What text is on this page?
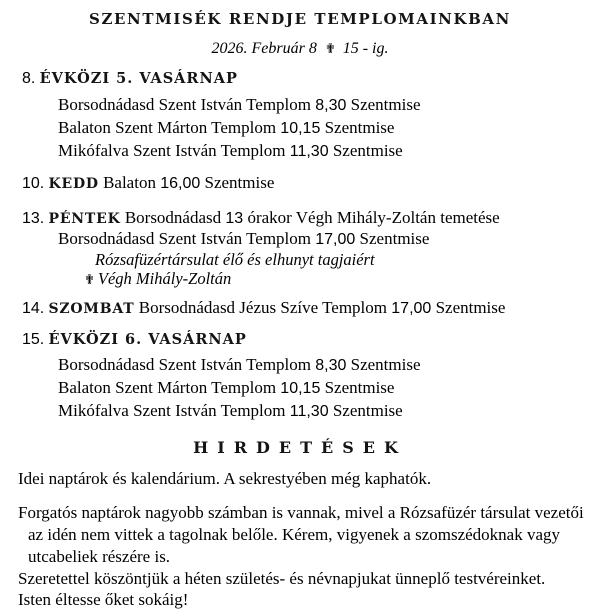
SZENTMISÉK RENDJE TEMPLOMAINKBAN
2026. Február 8 ✟ 15 - ig.
8. ÉVKÖZI 5. VASÁRNAP
Borsodnádasd Szent István Templom 8,30 Szentmise
Balaton Szent Márton Templom 10,15 Szentmise
Mikófalva Szent István Templom 11,30 Szentmise
10. KEDD Balaton 16,00 Szentmise
13. PÉNTEK Borsodnádasd 13 órakor Végh Mihály-Zoltán temetése
Borsodnádasd Szent István Templom 17,00 Szentmise
Rózsafüzértársulat élő és elhunyt tagjaiért
✟ Végh Mihály-Zoltán
14. SZOMBAT Borsodnádasd Jézus Szíve Templom 17,00 Szentmise
15. ÉVKÖZI 6. VASÁRNAP
Borsodnádasd Szent István Templom 8,30 Szentmise
Balaton Szent Márton Templom 10,15 Szentmise
Mikófalva Szent István Templom 11,30 Szentmise
HIRDETÉSEK

Idei naptárok és kalendárium. A sekrestyében még kaphatók.

Forgatós naptárok nagyobb számban is vannak, mivel a Rózsafüzér társulat vezetői
az idén nem vittek a tagolnak belőle. Kérem, vigyenek a szomszédoknak vagy
utcabeliek részére is.
Szeretettel köszöntjük a héten születés- és névnapjukat ünneplő testvéreinket.
Isten éltesse őket sokáig!
